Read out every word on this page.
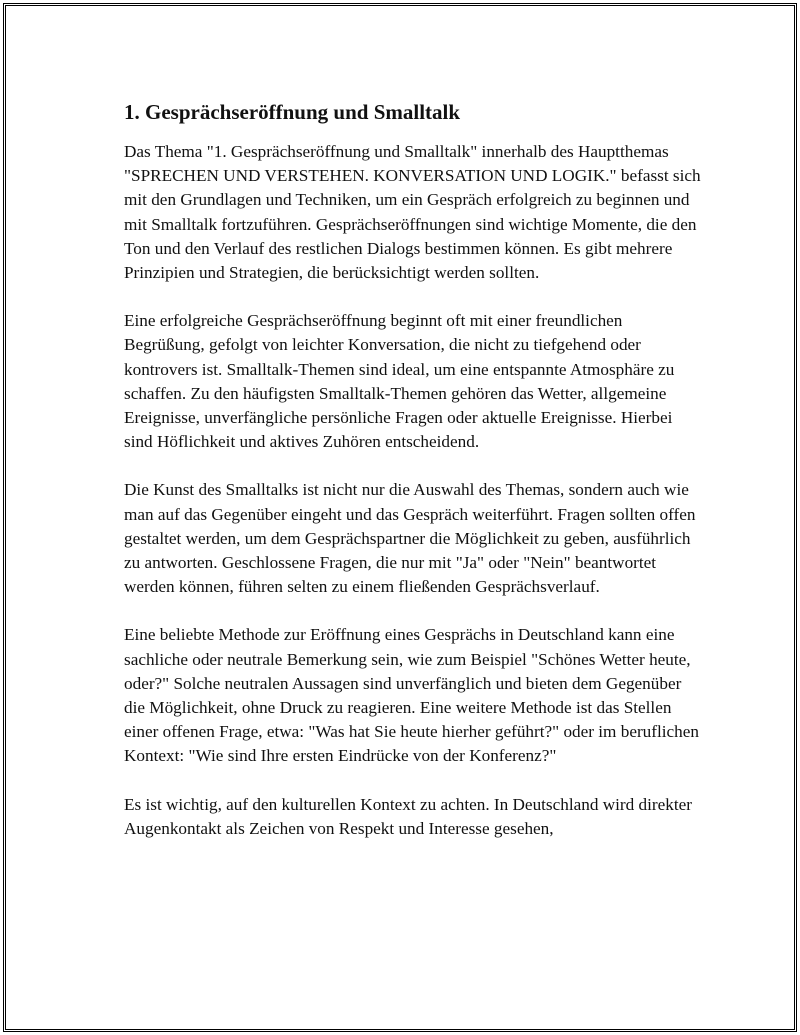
1. Gesprächseröffnung und Smalltalk

Das Thema "1. Gesprächseröffnung und Smalltalk" innerhalb des Hauptthemas "SPRECHEN UND VERSTEHEN. KONVERSATION UND LOGIK." befasst sich mit den Grundlagen und Techniken, um ein Gespräch erfolgreich zu beginnen und mit Smalltalk fortzuführen. Gesprächseröffnungen sind wichtige Momente, die den Ton und den Verlauf des restlichen Dialogs bestimmen können. Es gibt mehrere Prinzipien und Strategien, die berücksichtigt werden sollten.

Eine erfolgreiche Gesprächseröffnung beginnt oft mit einer freundlichen Begrüßung, gefolgt von leichter Konversation, die nicht zu tiefgehend oder kontrovers ist. Smalltalk-Themen sind ideal, um eine entspannte Atmosphäre zu schaffen. Zu den häufigsten Smalltalk-Themen gehören das Wetter, allgemeine Ereignisse, unverfängliche persönliche Fragen oder aktuelle Ereignisse. Hierbei sind Höflichkeit und aktives Zuhören entscheidend.

Die Kunst des Smalltalks ist nicht nur die Auswahl des Themas, sondern auch wie man auf das Gegenüber eingeht und das Gespräch weiterführt. Fragen sollten offen gestaltet werden, um dem Gesprächspartner die Möglichkeit zu geben, ausführlich zu antworten. Geschlossene Fragen, die nur mit "Ja" oder "Nein" beantwortet werden können, führen selten zu einem fließenden Gesprächsverlauf.

Eine beliebte Methode zur Eröffnung eines Gesprächs in Deutschland kann eine sachliche oder neutrale Bemerkung sein, wie zum Beispiel "Schönes Wetter heute, oder?" Solche neutralen Aussagen sind unverfänglich und bieten dem Gegenüber die Möglichkeit, ohne Druck zu reagieren. Eine weitere Methode ist das Stellen einer offenen Frage, etwa: "Was hat Sie heute hierher geführt?" oder im beruflichen Kontext: "Wie sind Ihre ersten Eindrücke von der Konferenz?"

Es ist wichtig, auf den kulturellen Kontext zu achten. In Deutschland wird direkter Augenkontakt als Zeichen von Respekt und Interesse gesehen,
